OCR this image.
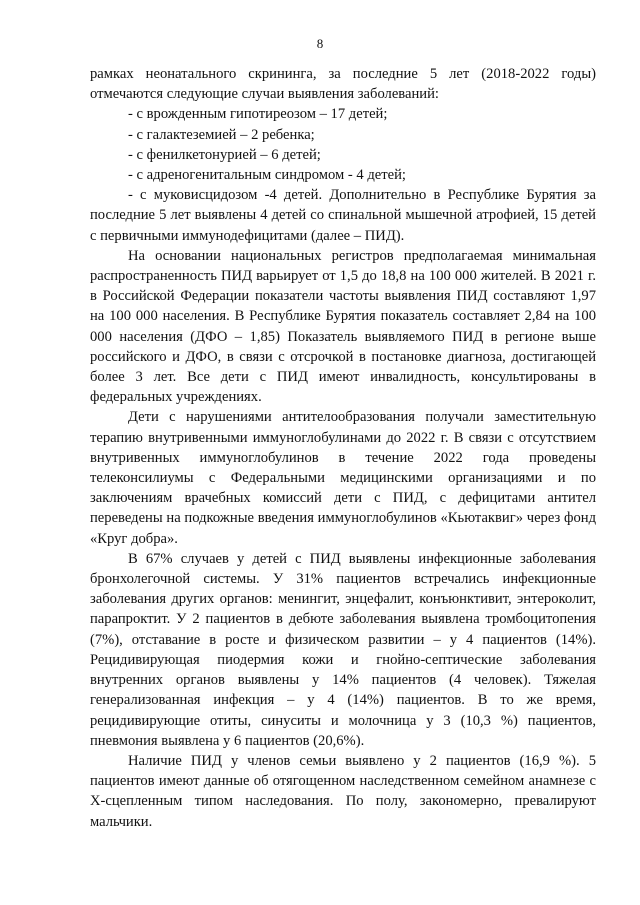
8

рамках неонатального скрининга, за последние 5 лет (2018-2022 годы) отмечаются следующие случаи выявления заболеваний:

- с врожденным гипотиреозом – 17 детей;
- с галактеземией – 2 ребенка;
- с фенилкетонурией – 6 детей;
- с адреногенитальным синдромом - 4 детей;
- с муковисцидозом -4 детей. Дополнительно в Республике Бурятия за последние 5 лет выявлены 4 детей со спинальной мышечной атрофией, 15 детей с первичными иммунодефицитами (далее – ПИД).

На основании национальных регистров предполагаемая минимальная распространенность ПИД варьирует от 1,5 до 18,8 на 100 000 жителей. В 2021 г. в Российской Федерации показатели частоты выявления ПИД составляют 1,97 на 100 000 населения. В Республике Бурятия показатель составляет 2,84 на 100 000 населения (ДФО – 1,85) Показатель выявляемого ПИД в регионе выше российского и ДФО, в связи с отсрочкой в постановке диагноза, достигающей более 3 лет. Все дети с ПИД имеют инвалидность, консультированы в федеральных учреждениях.

Дети с нарушениями антителообразования получали заместительную терапию внутривенными иммуноглобулинами до 2022 г. В связи с отсутствием внутривенных иммуноглобулинов в течение 2022 года проведены телеконсилиумы с Федеральными медицинскими организациями и по заключениям врачебных комиссий дети с ПИД, с дефицитами антител переведены на подкожные введения иммуноглобулинов «Кьютаквиг» через фонд «Круг добра».

В 67% случаев у детей с ПИД выявлены инфекционные заболевания бронхолегочной системы. У 31% пациентов встречались инфекционные заболевания других органов: менингит, энцефалит, конъюнктивит, энтероколит, парапроктит. У 2 пациентов в дебюте заболевания выявлена тромбоцитопения (7%), отставание в росте и физическом развитии – у 4 пациентов (14%). Рецидивирующая пиодермия кожи и гнойно-септические заболевания внутренних органов выявлены у 14% пациентов (4 человек). Тяжелая генерализованная инфекция – у 4 (14%) пациентов. В то же время, рецидивирующие отиты, синуситы и молочница у 3 (10,3 %) пациентов, пневмония выявлена у 6 пациентов (20,6%).

Наличие ПИД у членов семьи выявлено у 2 пациентов (16,9 %). 5 пациентов имеют данные об отягощенном наследственном семейном анамнезе с X-сцепленным типом наследования. По полу, закономерно, превалируют мальчики.
